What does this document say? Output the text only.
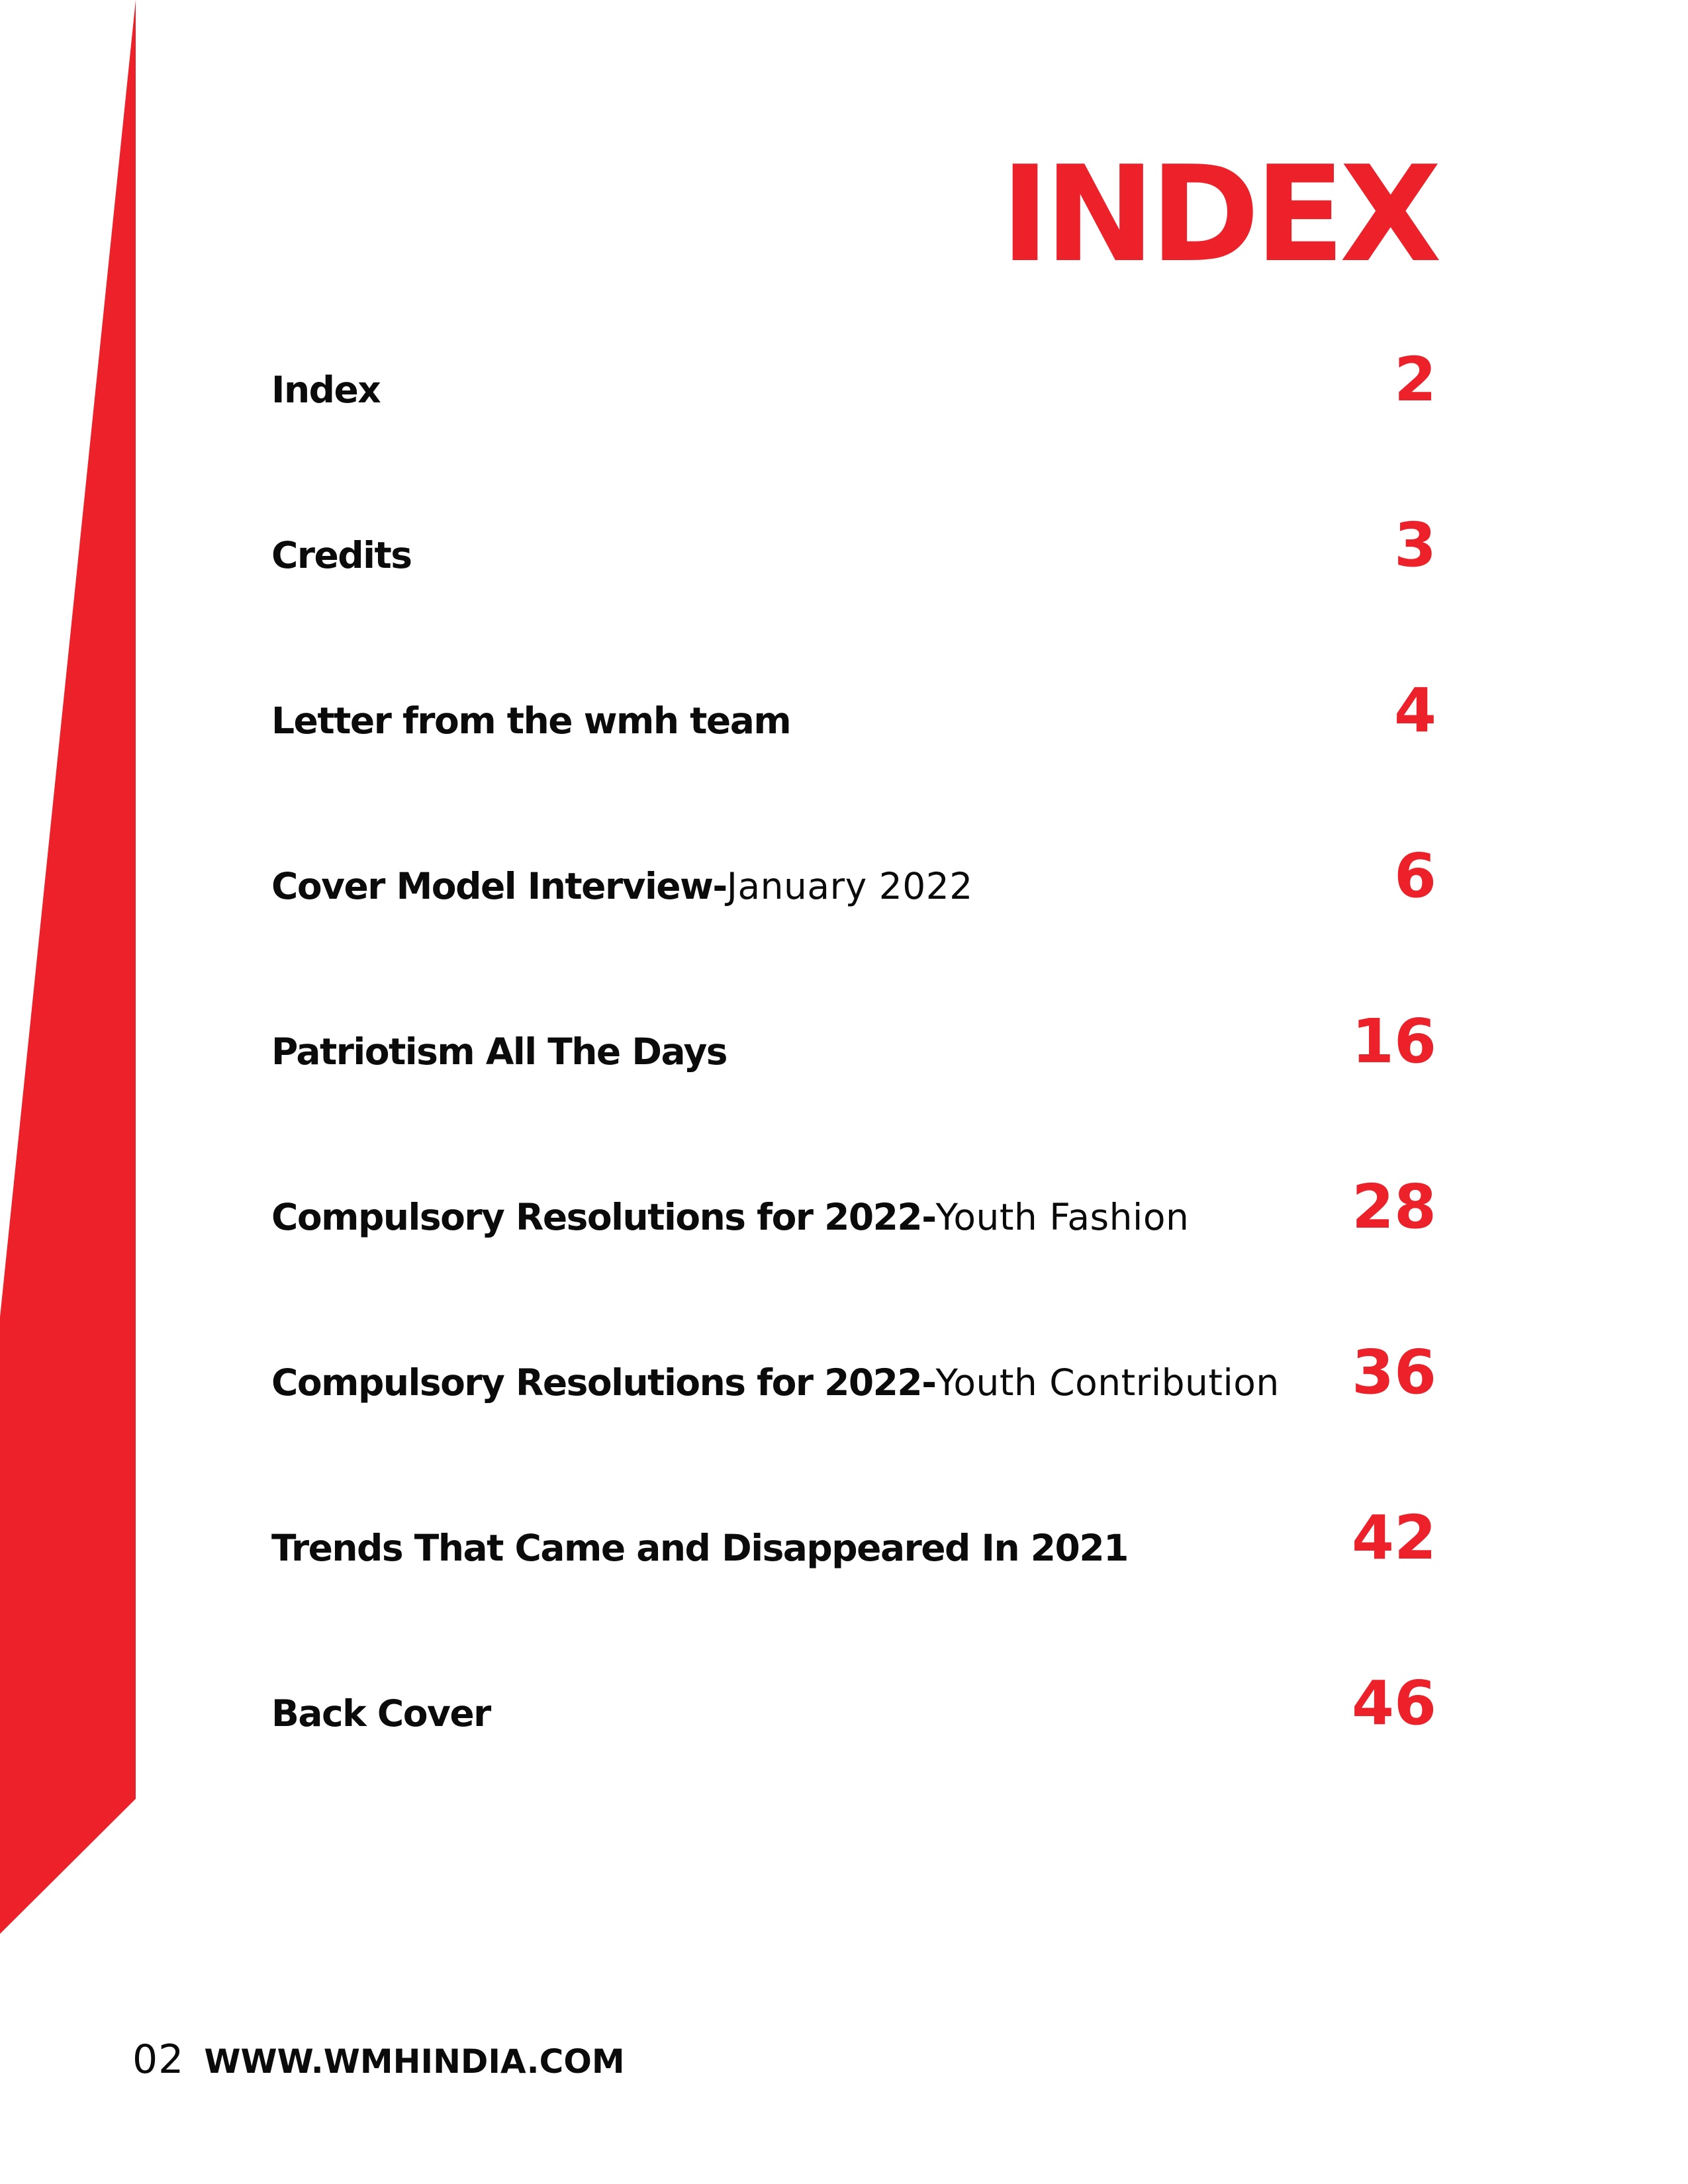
INDEX
Index	2
Credits	3
Letter from the wmh team	4
Cover Model Interview-January 2022	6
Patriotism All The Days	16
Compulsory Resolutions for 2022-Youth Fashion	28
Compulsory Resolutions for 2022-Youth Contribution 36
Trends That Came and Disappeared In 2021	42
Back Cover	46
02 WWW.WMHINDIA.COM
